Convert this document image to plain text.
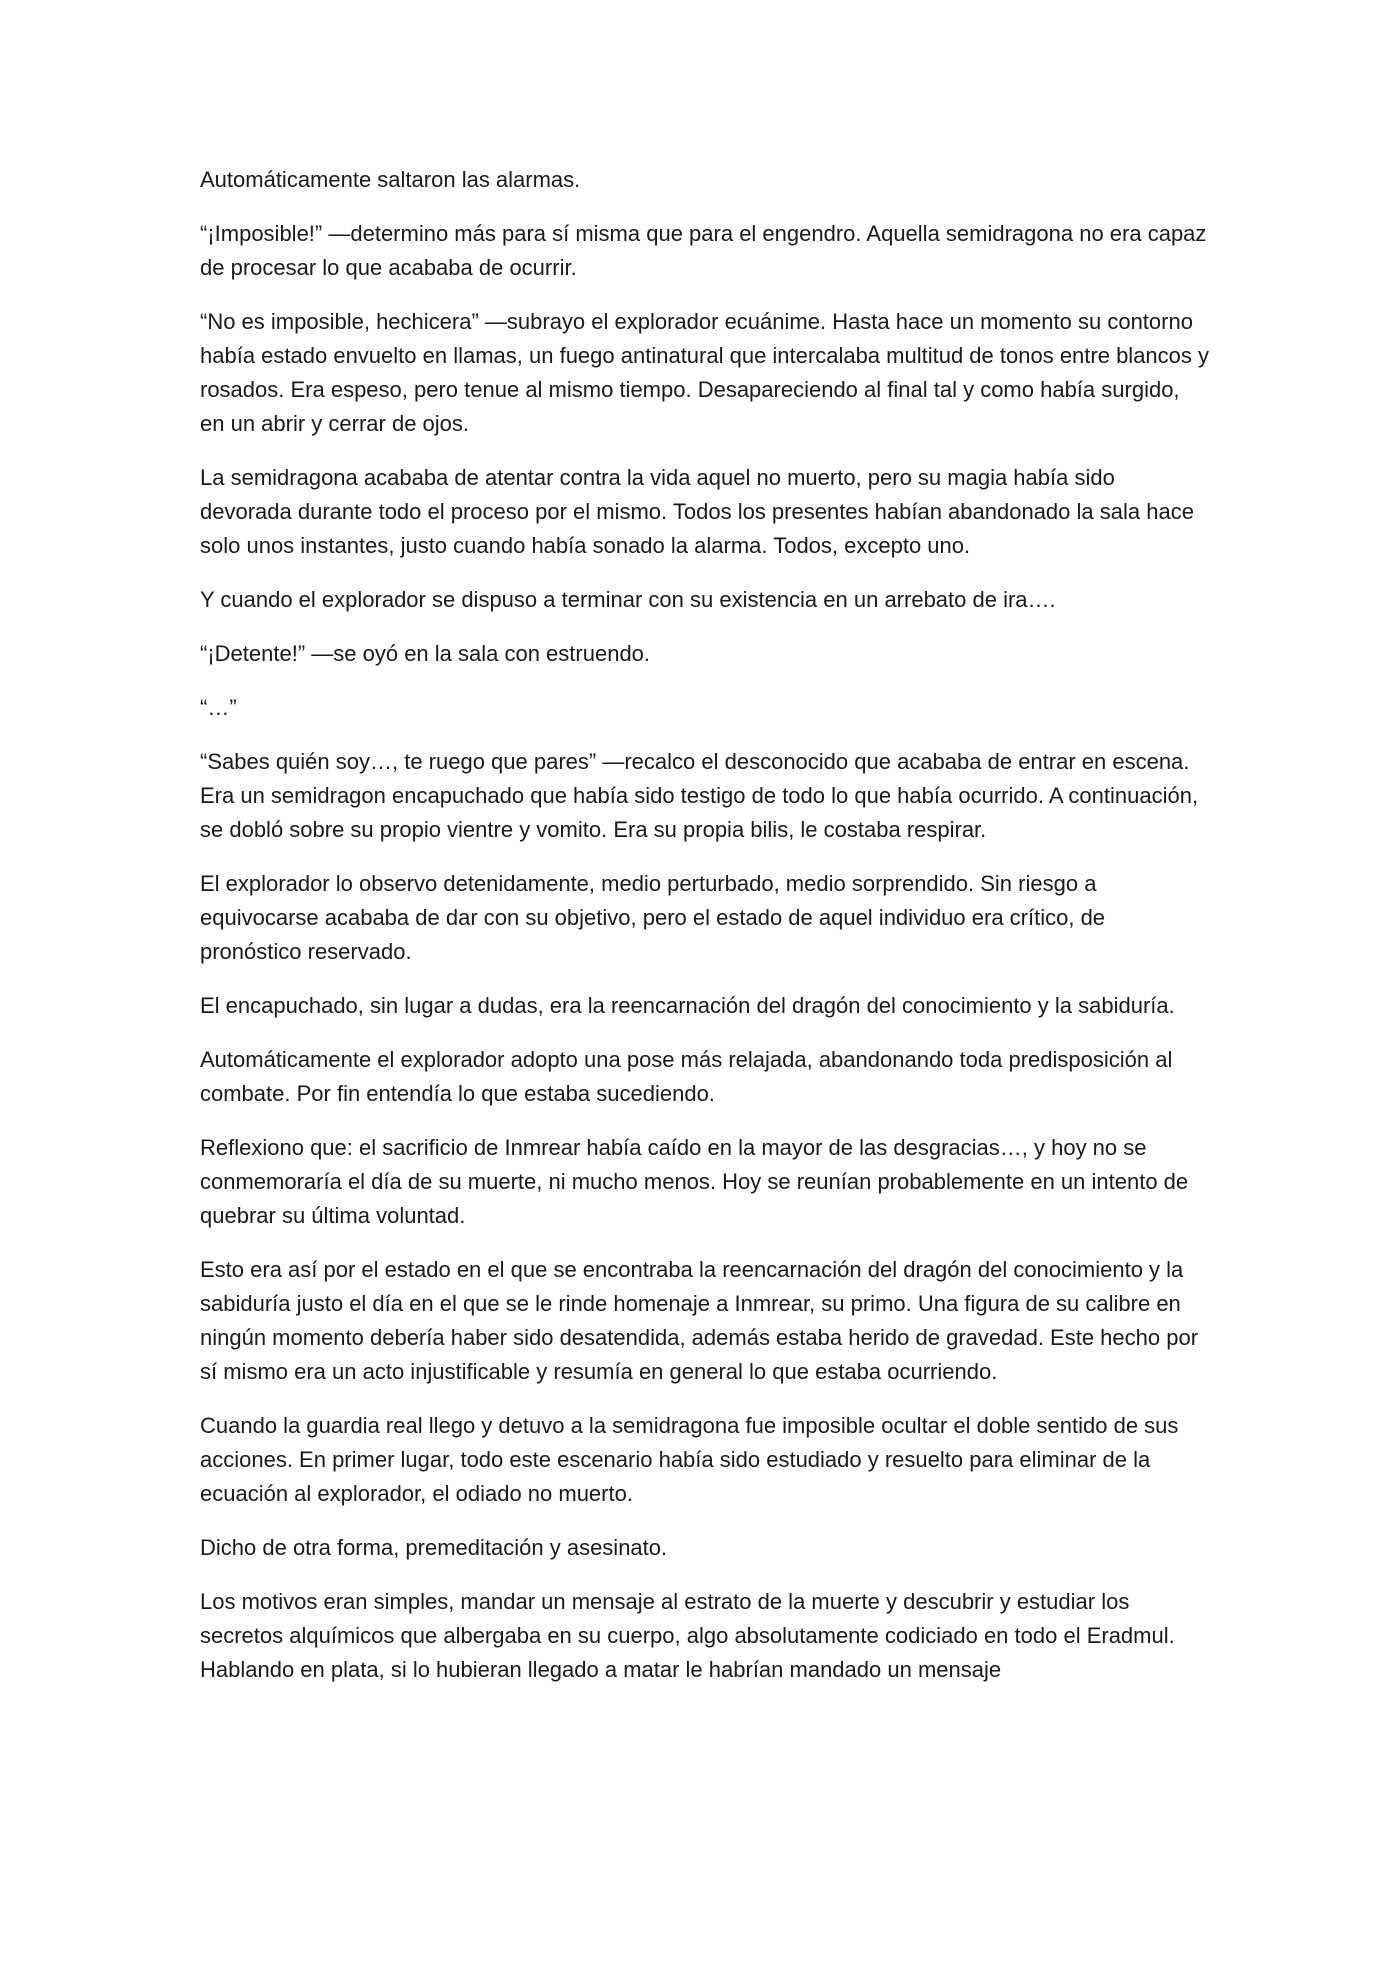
Automáticamente saltaron las alarmas.

“¡Imposible!” —determino más para sí misma que para el engendro. Aquella semidragona no era capaz de procesar lo que acababa de ocurrir.

“No es imposible, hechicera” —subrayo el explorador ecuánime. Hasta hace un momento su contorno había estado envuelto en llamas, un fuego antinatural que intercalaba multitud de tonos entre blancos y rosados. Era espeso, pero tenue al mismo tiempo. Desapareciendo al final tal y como había surgido, en un abrir y cerrar de ojos.

La semidragona acababa de atentar contra la vida aquel no muerto, pero su magia había sido devorada durante todo el proceso por el mismo. Todos los presentes habían abandonado la sala hace solo unos instantes, justo cuando había sonado la alarma. Todos, excepto uno.

Y cuando el explorador se dispuso a terminar con su existencia en un arrebato de ira….

“¡Detente!” —se oyó en la sala con estruendo.

“…”

“Sabes quién soy…, te ruego que pares” —recalco el desconocido que acababa de entrar en escena. Era un semidragon encapuchado que había sido testigo de todo lo que había ocurrido. A continuación, se dobló sobre su propio vientre y vomito. Era su propia bilis, le costaba respirar.

El explorador lo observo detenidamente, medio perturbado, medio sorprendido. Sin riesgo a equivocarse acababa de dar con su objetivo, pero el estado de aquel individuo era crítico, de pronóstico reservado.

El encapuchado, sin lugar a dudas, era la reencarnación del dragón del conocimiento y la sabiduría.

Automáticamente el explorador adopto una pose más relajada, abandonando toda predisposición al combate. Por fin entendía lo que estaba sucediendo.

Reflexiono que: el sacrificio de Inmrear había caído en la mayor de las desgracias…, y hoy no se conmemoraría el día de su muerte, ni mucho menos. Hoy se reunían probablemente en un intento de quebrar su última voluntad.

Esto era así por el estado en el que se encontraba la reencarnación del dragón del conocimiento y la sabiduría justo el día en el que se le rinde homenaje a Inmrear, su primo. Una figura de su calibre en ningún momento debería haber sido desatendida, además estaba herido de gravedad. Este hecho por sí mismo era un acto injustificable y resumía en general lo que estaba ocurriendo.

Cuando la guardia real llego y detuvo a la semidragona fue imposible ocultar el doble sentido de sus acciones. En primer lugar, todo este escenario había sido estudiado y resuelto para eliminar de la ecuación al explorador, el odiado no muerto.

Dicho de otra forma, premeditación y asesinato.

Los motivos eran simples, mandar un mensaje al estrato de la muerte y descubrir y estudiar los secretos alquímicos que albergaba en su cuerpo, algo absolutamente codiciado en todo el Eradmul. Hablando en plata, si lo hubieran llegado a matar le habrían mandado un mensaje
